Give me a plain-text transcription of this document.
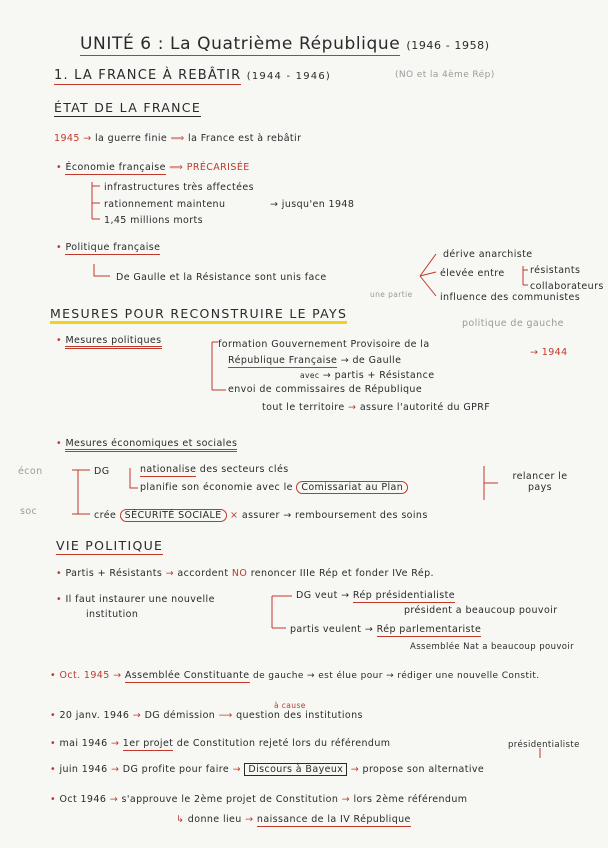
UNITÉ 6 : La Quatrième République (1946 - 1958)
1. LA FRANCE À REBÂTIR (1944 - 1946)	(NO et la 4ème Rép)
ÉTAT DE LA FRANCE
1945 → la guerre finie ⟹ la France est à rebâtir
• Économie française ⟹ PRÉCARISÉE
infrastructures très affectées
rationnement maintenu	→ jusqu'en 1948
1,45 millions morts
• Politique française
De Gaulle et la Résistance sont unis face
une partie
dérive anarchiste
élevée entre	résistants
collaborateurs
influence des communistes
politique de gauche
MESURES POUR RECONSTRUIRE LE PAYS
• Mesures politiques	formation Gouvernement Provisoire de la
République Française → de Gaulle
→ 1944
avec → partis + Résistance
envoi de commissaires de République
tout le territoire → assure l'autorité du GPRF
• Mesures économiques et sociales
écon
soc
DG	nationalise des secteurs clés
planifie son économie avec le Comissariat au Plan
crée SÉCURITÉ SOCIALE × assurer → remboursement des soins
relancer le pays
VIE POLITIQUE
• Partis + Résistants → accordent NO renoncer IIIe Rép et fonder IVe Rép.
• Il faut instaurer une nouvelle
institution
DG veut → Rép présidentialiste
président a beaucoup pouvoir
partis veulent → Rép parlementariste
Assemblée Nat a beaucoup pouvoir
• Oct. 1945 → Assemblée Constituante de gauche → est élue pour → rédiger une nouvelle Constit.
à cause
• 20 janv. 1946 → DG démission ⟶ question des institutions
• mai 1946 → 1er projet de Constitution rejeté lors du référendum	présidentialiste
• juin 1946 → DG profite pour faire → Discours à Bayeux → propose son alternative
• Oct 1946 → s'approuve le 2ème projet de Constitution → lors 2ème référendum
↳ donne lieu → naissance de la IV République
